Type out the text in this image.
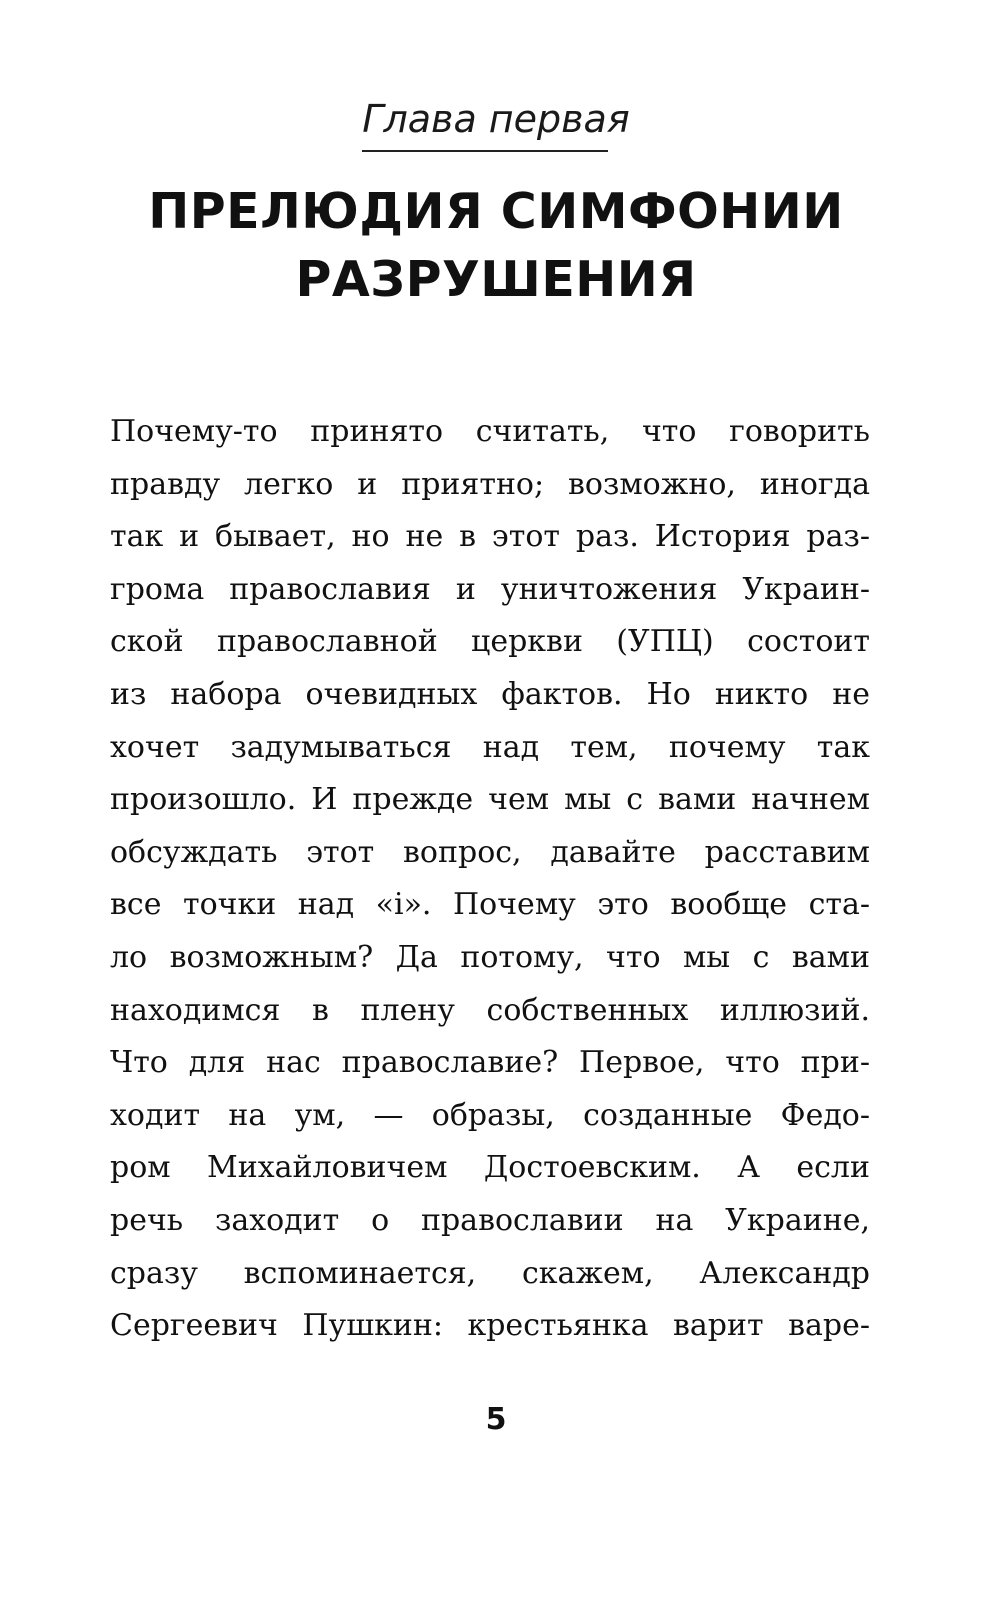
Глава первая
ПРЕЛЮДИЯ СИМФОНИИ
РАЗРУШЕНИЯ
Почему-то принято считать, что говорить
правду легко и приятно; возможно, иногда
так и бывает, но не в этот раз. История раз-
грома православия и уничтожения Украин-
ской православной церкви (УПЦ) состоит
из набора очевидных фактов. Но никто не
хочет задумываться над тем, почему так
произошло. И прежде чем мы с вами начнем
обсуждать этот вопрос, давайте расставим
все точки над «і». Почему это вообще ста-
ло возможным? Да потому, что мы с вами
находимся в плену собственных иллюзий.
Что для нас православие? Первое, что при-
ходит на ум, — образы, созданные Федо-
ром Михайловичем Достоевским. А если
речь заходит о православии на Украине,
сразу вспоминается, скажем, Александр
Сергеевич Пушкин: крестьянка варит варе-
5
